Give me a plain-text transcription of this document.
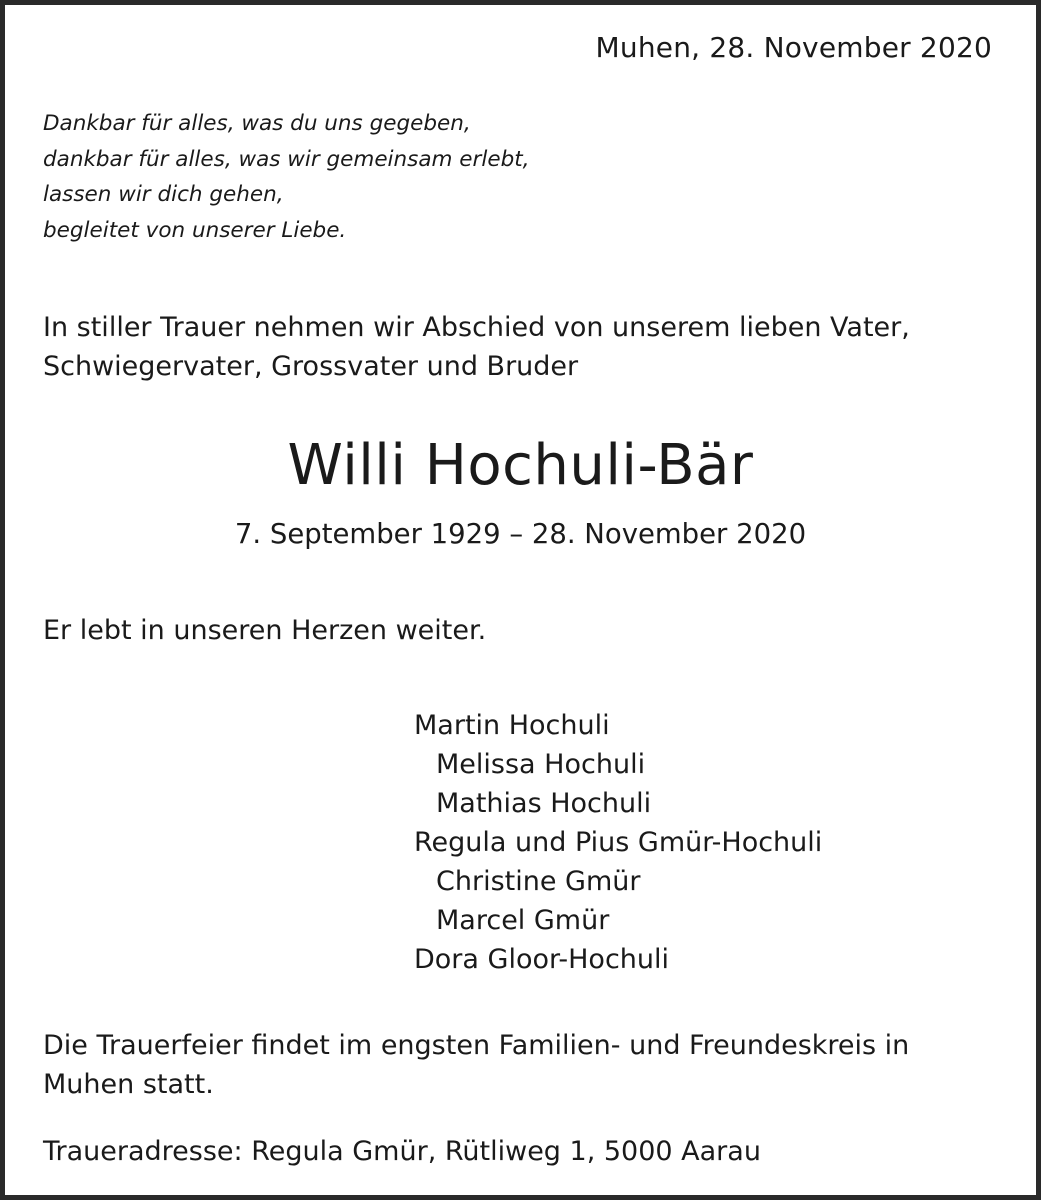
Muhen, 28. November 2020
Dankbar für alles, was du uns gegeben,
dankbar für alles, was wir gemeinsam erlebt,
lassen wir dich gehen,
begleitet von unserer Liebe.
In stiller Trauer nehmen wir Abschied von unserem lieben Vater,
Schwiegervater, Grossvater und Bruder
Willi Hochuli-Bär
7. September 1929 – 28. November 2020
Er lebt in unseren Herzen weiter.
Martin Hochuli
Melissa Hochuli
Mathias Hochuli
Regula und Pius Gmür-Hochuli
Christine Gmür
Marcel Gmür
Dora Gloor-Hochuli
Die Trauerfeier findet im engsten Familien- und Freundeskreis in
Muhen statt.
Traueradresse: Regula Gmür, Rütliweg 1, 5000 Aarau
